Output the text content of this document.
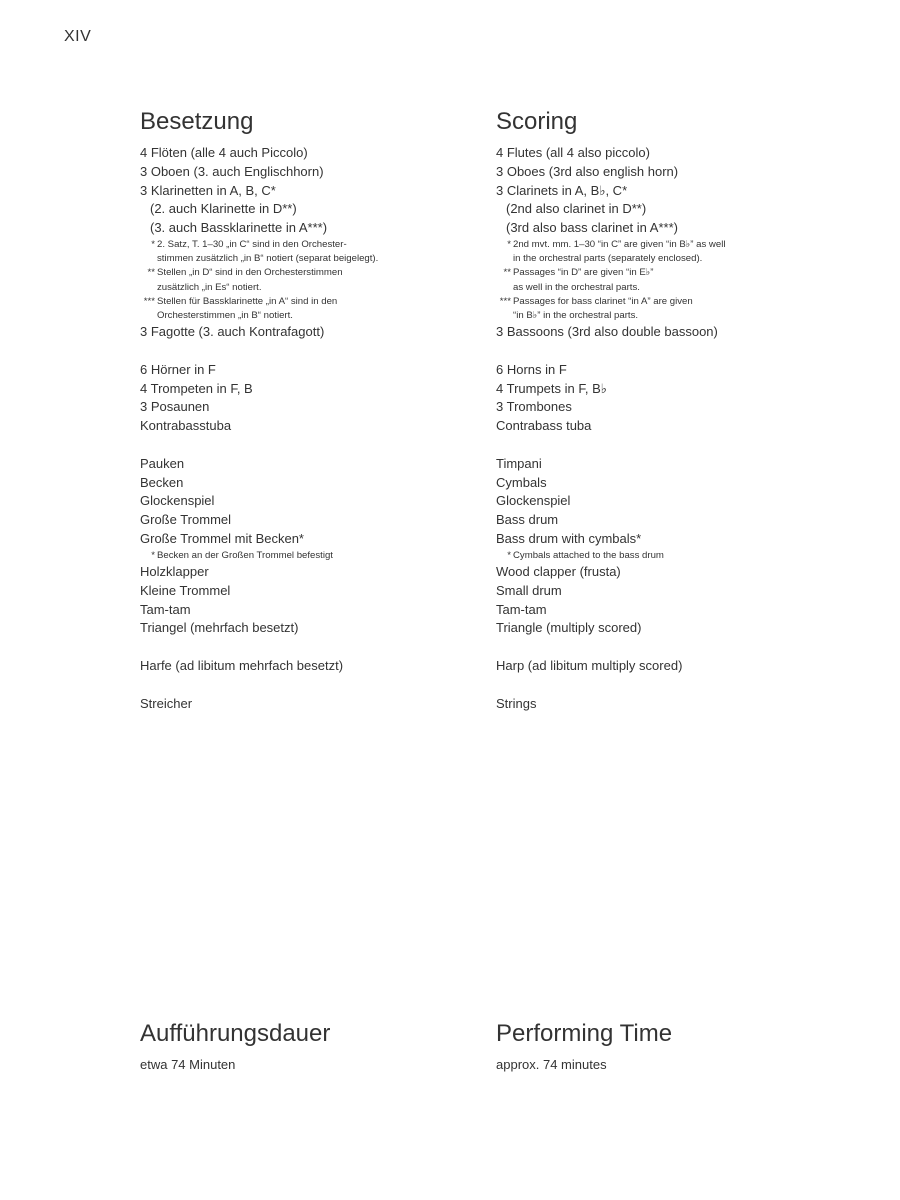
XIV
Besetzung
4 Flöten (alle 4 auch Piccolo)
3 Oboen (3. auch Englischhorn)
3 Klarinetten in A, B, C*
(2. auch Klarinette in D**)
(3. auch Bassklarinette in A***)
* 2. Satz, T. 1–30 „in C“ sind in den Orchester-
stimmen zusätzlich „in B“ notiert (separat beigelegt).
** Stellen „in D“ sind in den Orchesterstimmen
zusätzlich „in Es“ notiert.
*** Stellen für Bassklarinette „in A“ sind in den
Orchesterstimmen „in B“ notiert.
3 Fagotte (3. auch Kontrafagott)
6 Hörner in F
4 Trompeten in F, B
3 Posaunen
Kontrabasstuba
Pauken
Becken
Glockenspiel
Große Trommel
Große Trommel mit Becken*
* Becken an der Großen Trommel befestigt
Holzklapper
Kleine Trommel
Tam-tam
Triangel (mehrfach besetzt)
Harfe (ad libitum mehrfach besetzt)
Streicher
Scoring
4 Flutes (all 4 also piccolo)
3 Oboes (3rd also english horn)
3 Clarinets in A, B♭, C*
(2nd also clarinet in D**)
(3rd also bass clarinet in A***)
* 2nd mvt. mm. 1–30 “in C” are given “in B♭” as well
in the orchestral parts (separately enclosed).
** Passages “in D” are given “in E♭”
as well in the orchestral parts.
*** Passages for bass clarinet “in A” are given
“in B♭” in the orchestral parts.
3 Bassoons (3rd also double bassoon)
6 Horns in F
4 Trumpets in F, B♭
3 Trombones
Contrabass tuba
Timpani
Cymbals
Glockenspiel
Bass drum
Bass drum with cymbals*
* Cymbals attached to the bass drum
Wood clapper (frusta)
Small drum
Tam-tam
Triangle (multiply scored)
Harp (ad libitum multiply scored)
Strings
Aufführungsdauer
etwa 74 Minuten
Performing Time
approx. 74 minutes
